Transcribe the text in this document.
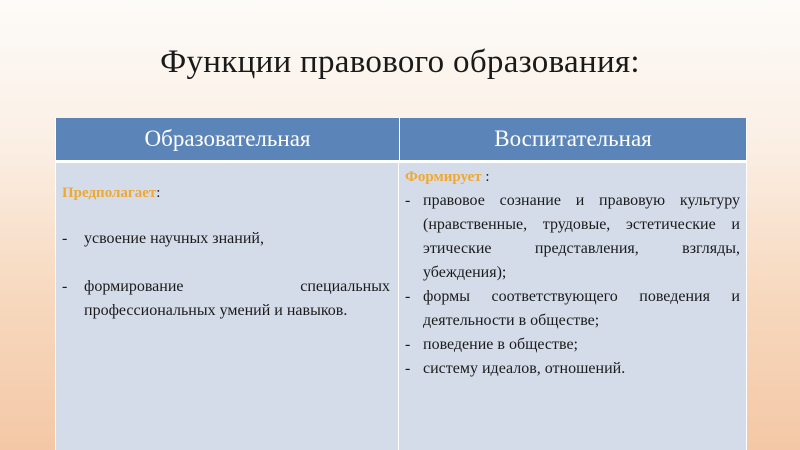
Функции правового образования:
Образовательная	Воспитательная
Предполагает:
- усвоение научных знаний,
- формирование специальных профессиональных умений и навыков.
Формирует :
- правовое сознание и правовую культуру (нравственные, трудовые, эстетические и этические представления, взгляды, убеждения);
- формы соответствующего поведения и деятельности в обществе;
- поведение в обществе;
- систему идеалов, отношений.
